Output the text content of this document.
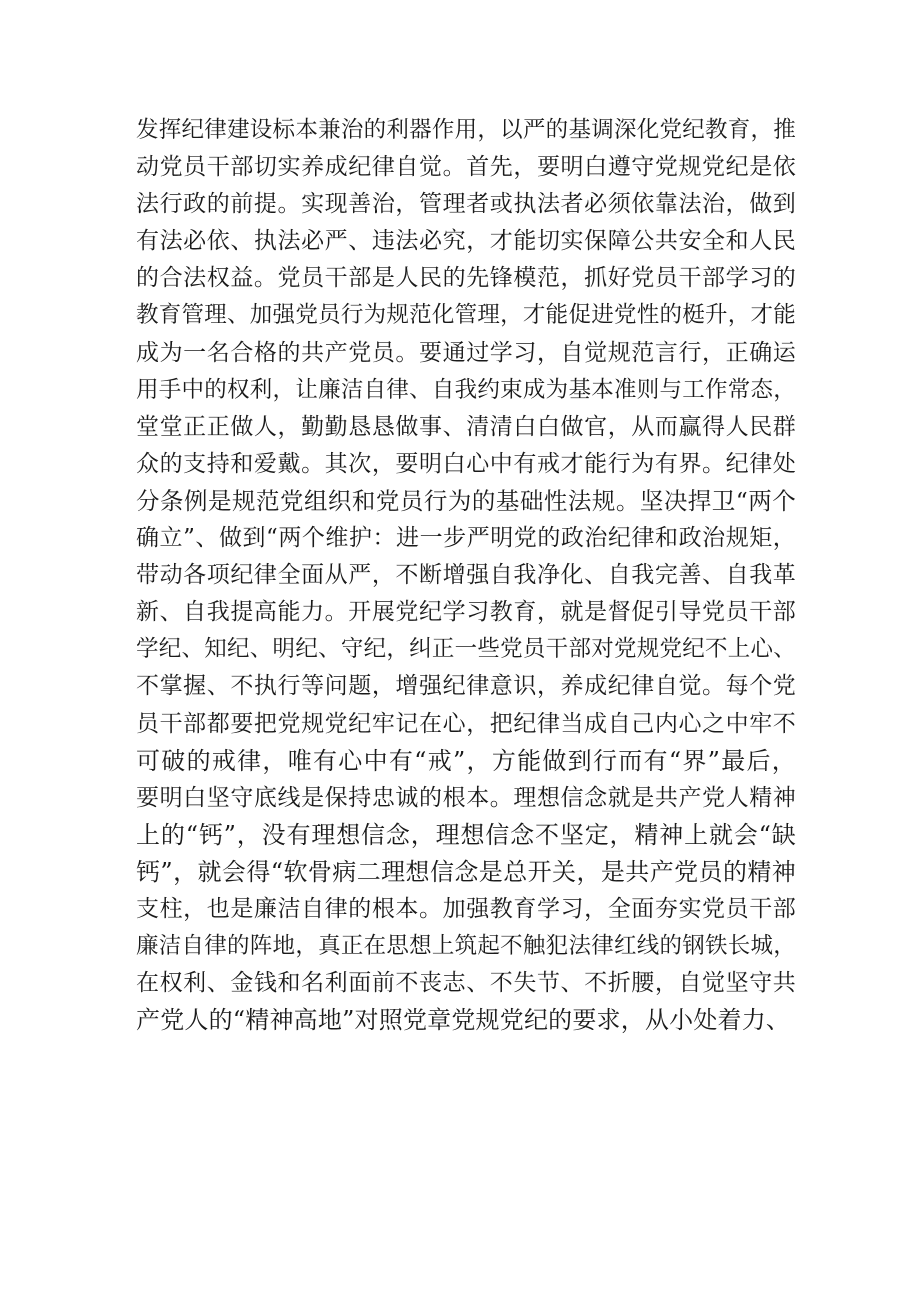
发挥纪律建设标本兼治的利器作用，以严的基调深化党纪教育，推
动党员干部切实养成纪律自觉。首先，要明白遵守党规党纪是依
法行政的前提。实现善治，管理者或执法者必须依靠法治，做到
有法必依、执法必严、违法必究，才能切实保障公共安全和人民
的合法权益。党员干部是人民的先锋模范，抓好党员干部学习的
教育管理、加强党员行为规范化管理，才能促进党性的梃升，才能
成为一名合格的共产党员。要通过学习，自觉规范言行，正确运
用手中的权利，让廉洁自律、自我约束成为基本准则与工作常态，
堂堂正正做人，勤勤恳恳做事、清清白白做官，从而赢得人民群
众的支持和爱戴。其次，要明白心中有戒才能行为有界。纪律处
分条例是规范党组织和党员行为的基础性法规。坚决捍卫“两个
确立”、做到“两个维护：进一步严明党的政治纪律和政治规矩，
带动各项纪律全面从严，不断增强自我净化、自我完善、自我革
新、自我提高能力。开展党纪学习教育，就是督促引导党员干部
学纪、知纪、明纪、守纪，纠正一些党员干部对党规党纪不上心、
不掌握、不执行等问题，增强纪律意识，养成纪律自觉。每个党
员干部都要把党规党纪牢记在心，把纪律当成自己内心之中牢不
可破的戒律，唯有心中有“戒”，方能做到行而有“界”最后，
要明白坚守底线是保持忠诚的根本。理想信念就是共产党人精神
上的“钙”，没有理想信念，理想信念不坚定，精神上就会“缺
钙”，就会得“软骨病二理想信念是总开关，是共产党员的精神
支柱，也是廉洁自律的根本。加强教育学习，全面夯实党员干部
廉洁自律的阵地，真正在思想上筑起不触犯法律红线的钢铁长城，
在权利、金钱和名利面前不丧志、不失节、不折腰，自觉坚守共
产党人的“精神高地”对照党章党规党纪的要求，从小处着力、
